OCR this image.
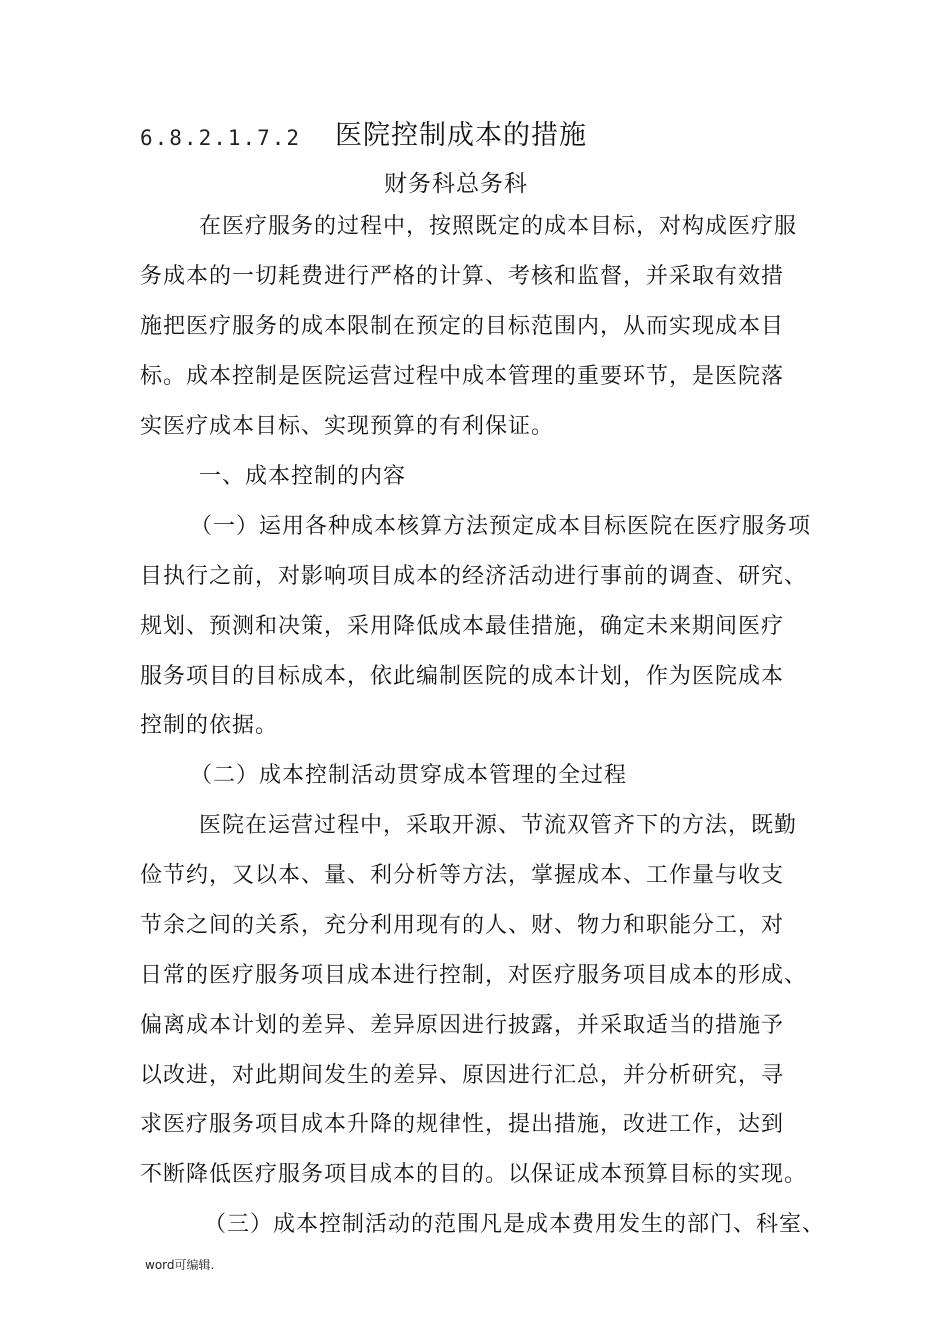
6.8.2.1.7.2 医院控制成本的措施
财务科总务科
在医疗服务的过程中，按照既定的成本目标，对构成医疗服
务成本的一切耗费进行严格的计算、考核和监督，并采取有效措
施把医疗服务的成本限制在预定的目标范围内，从而实现成本目
标。成本控制是医院运营过程中成本管理的重要环节，是医院落
实医疗成本目标、实现预算的有利保证。
一、成本控制的内容
（一）运用各种成本核算方法预定成本目标医院在医疗服务项
目执行之前，对影响项目成本的经济活动进行事前的调查、研究、
规划、预测和决策，采用降低成本最佳措施，确定未来期间医疗
服务项目的目标成本，依此编制医院的成本计划，作为医院成本
控制的依据。
（二）成本控制活动贯穿成本管理的全过程
医院在运营过程中，采取开源、节流双管齐下的方法，既勤
俭节约，又以本、量、利分析等方法，掌握成本、工作量与收支
节余之间的关系，充分利用现有的人、财、物力和职能分工，对
日常的医疗服务项目成本进行控制，对医疗服务项目成本的形成、
偏离成本计划的差异、差异原因进行披露，并采取适当的措施予
以改进，对此期间发生的差异、原因进行汇总，并分析研究，寻
求医疗服务项目成本升降的规律性，提出措施，改进工作，达到
不断降低医疗服务项目成本的目的。以保证成本预算目标的实现。
（三）成本控制活动的范围凡是成本费用发生的部门、科室、
word可编辑.
